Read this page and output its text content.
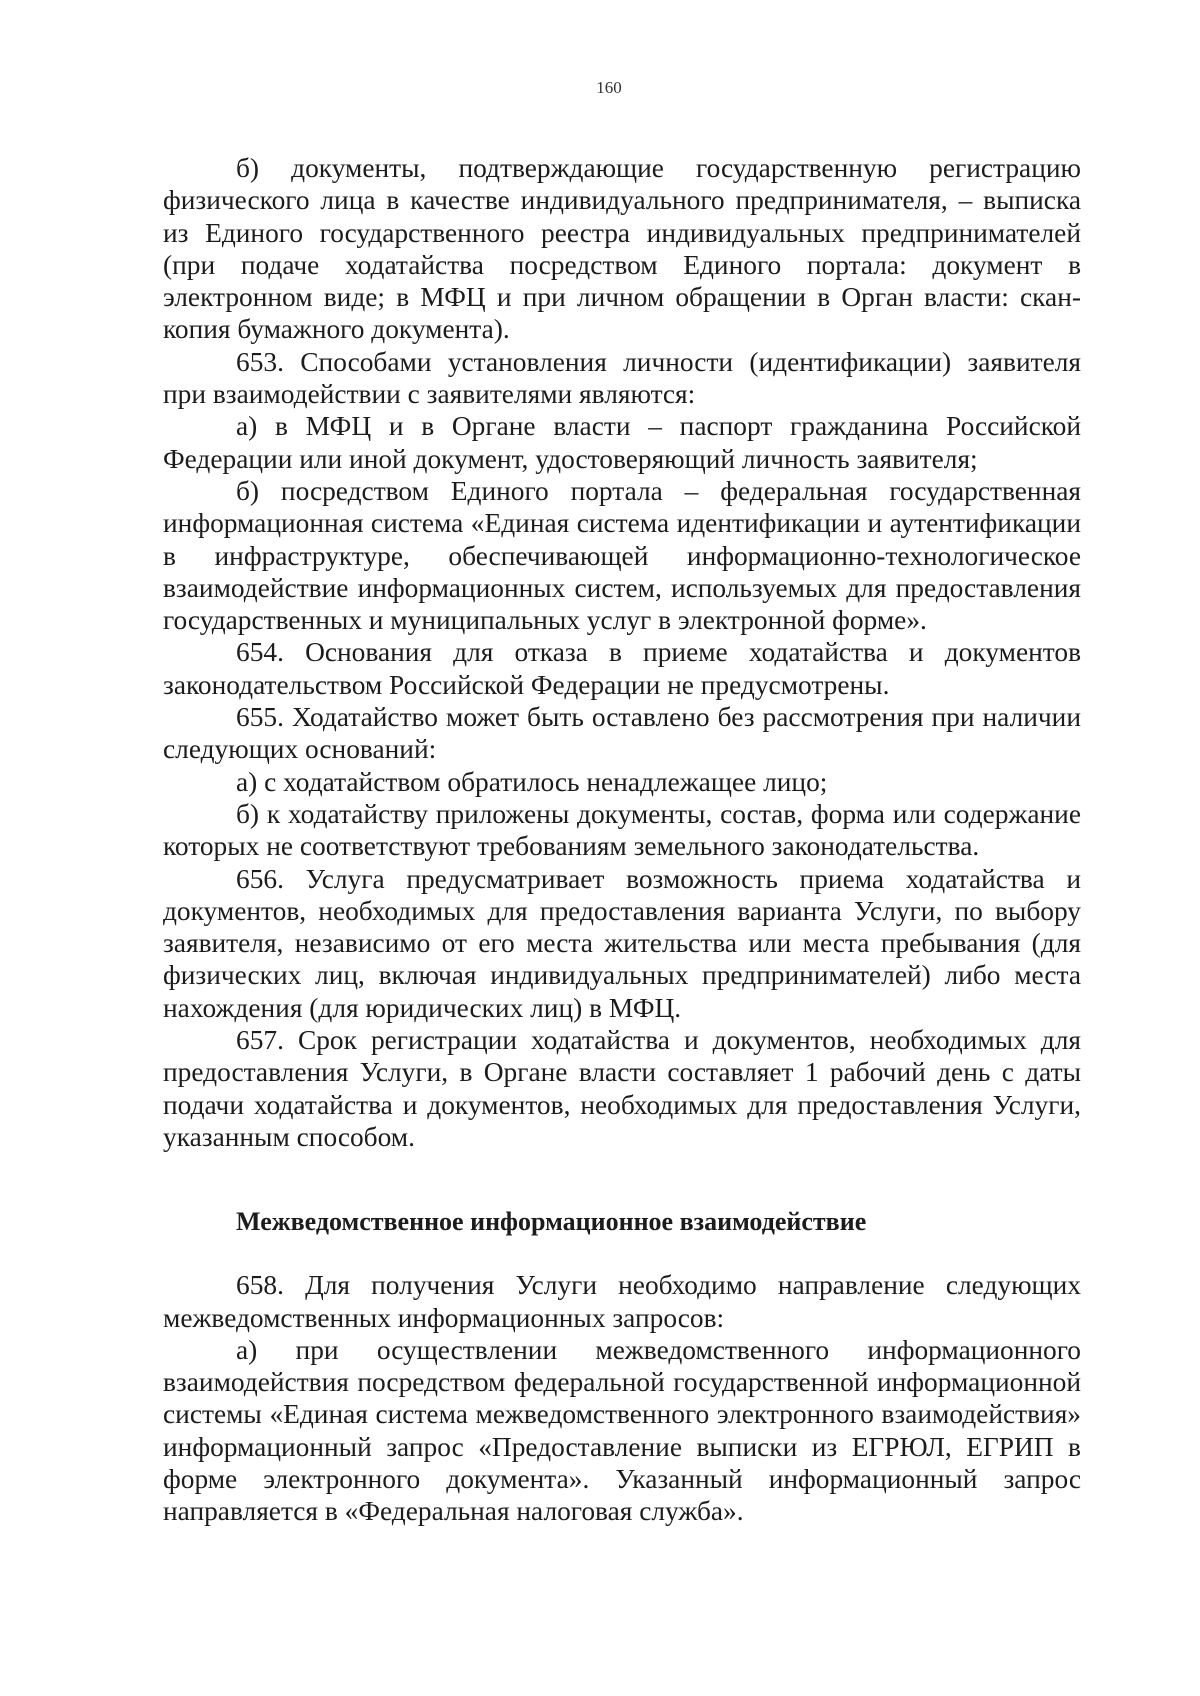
160

б) документы, подтверждающие государственную регистрацию физического лица в качестве индивидуального предпринимателя, – выписка из Единого государственного реестра индивидуальных предпринимателей (при подаче ходатайства посредством Единого портала: документ в электронном виде; в МФЦ и при личном обращении в Орган власти: скан-копия бумажного документа).

653. Способами установления личности (идентификации) заявителя при взаимодействии с заявителями являются:

а) в МФЦ и в Органе власти – паспорт гражданина Российской Федерации или иной документ, удостоверяющий личность заявителя;

б) посредством Единого портала – федеральная государственная информационная система «Единая система идентификации и аутентификации в инфраструктуре, обеспечивающей информационно-технологическое взаимодействие информационных систем, используемых для предоставления государственных и муниципальных услуг в электронной форме».

654. Основания для отказа в приеме ходатайства и документов законодательством Российской Федерации не предусмотрены.

655. Ходатайство может быть оставлено без рассмотрения при наличии следующих оснований:

а) с ходатайством обратилось ненадлежащее лицо;

б) к ходатайству приложены документы, состав, форма или содержание которых не соответствуют требованиям земельного законодательства.

656. Услуга предусматривает возможность приема ходатайства и документов, необходимых для предоставления варианта Услуги, по выбору заявителя, независимо от его места жительства или места пребывания (для физических лиц, включая индивидуальных предпринимателей) либо места нахождения (для юридических лиц) в МФЦ.

657. Срок регистрации ходатайства и документов, необходимых для предоставления Услуги, в Органе власти составляет 1 рабочий день с даты подачи ходатайства и документов, необходимых для предоставления Услуги, указанным способом.

Межведомственное информационное взаимодействие

658. Для получения Услуги необходимо направление следующих межведомственных информационных запросов:

а) при осуществлении межведомственного информационного взаимодействия посредством федеральной государственной информационной системы «Единая система межведомственного электронного взаимодействия» информационный запрос «Предоставление выписки из ЕГРЮЛ, ЕГРИП в форме электронного документа». Указанный информационный запрос направляется в «Федеральная налоговая служба».
